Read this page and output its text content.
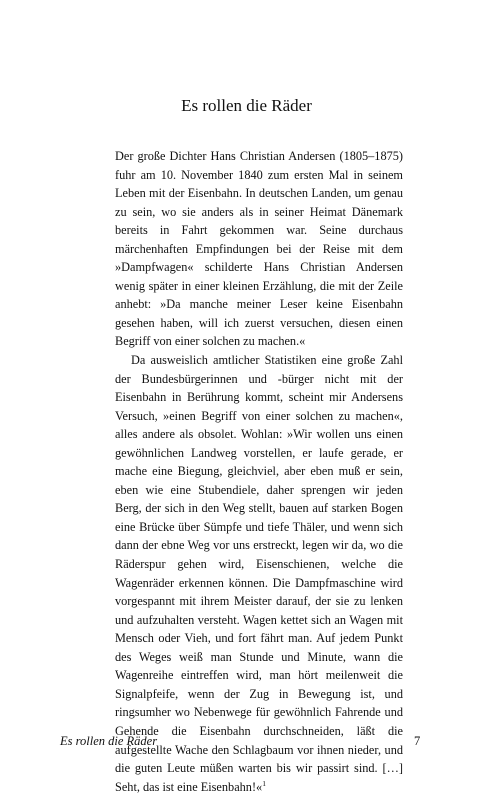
Es rollen die Räder

Der große Dichter Hans Christian Andersen (1805–1875) fuhr am 10. November 1840 zum ersten Mal in seinem Leben mit der Eisenbahn. In deutschen Landen, um genau zu sein, wo sie anders als in seiner Heimat Dänemark bereits in Fahrt gekommen war. Seine durchaus märchenhaften Empfindungen bei der Reise mit dem »Dampfwagen« schilderte Hans Christian Andersen wenig später in einer kleinen Erzählung, die mit der Zeile anhebt: »Da manche meiner Leser keine Eisenbahn gesehen haben, will ich zuerst versuchen, diesen einen Begriff von einer solchen zu machen.«

Da ausweislich amtlicher Statistiken eine große Zahl der Bundesbürgerinnen und -bürger nicht mit der Eisenbahn in Berührung kommt, scheint mir Andersens Versuch, »einen Begriff von einer solchen zu machen«, alles andere als obsolet. Wohlan: »Wir wollen uns einen gewöhnlichen Landweg vorstellen, er laufe gerade, er mache eine Biegung, gleichviel, aber eben muß er sein, eben wie eine Stubendiele, daher sprengen wir jeden Berg, der sich in den Weg stellt, bauen auf starken Bogen eine Brücke über Sümpfe und tiefe Thäler, und wenn sich dann der ebne Weg vor uns erstreckt, legen wir da, wo die Räderspur gehen wird, Eisenschienen, welche die Wagenräder erkennen können. Die Dampfmaschine wird vorgespannt mit ihrem Meister darauf, der sie zu lenken und aufzuhalten versteht. Wagen kettet sich an Wagen mit Mensch oder Vieh, und fort fährt man. Auf jedem Punkt des Weges weiß man Stunde und Minute, wann die Wagenreihe eintreffen wird, man hört meilenweit die Signalpfeife, wenn der Zug in Bewegung ist, und ringsumher wo Nebenwege für gewöhnlich Fahrende und Gehende die Eisenbahn durchschneiden, läßt die aufgestellte Wache den Schlagbaum vor ihnen nieder, und die guten Leute müßen warten bis wir passirt sind. […] Seht, das ist eine Eisenbahn!«$^1$

Es rollen die Räder	7
